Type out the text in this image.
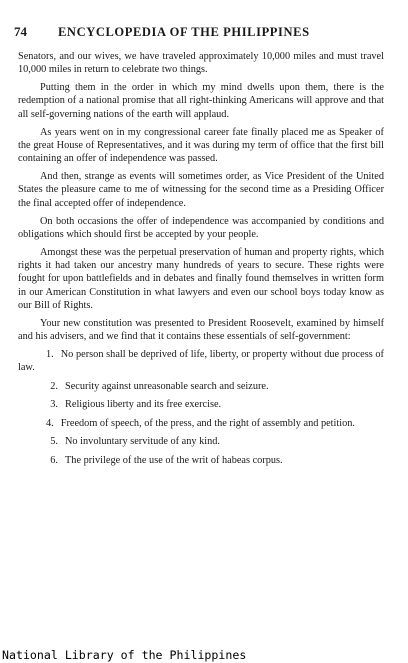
74	ENCYCLOPEDIA OF THE PHILIPPINES

Senators, and our wives, we have traveled approximately 10,000 miles and must travel 10,000 miles in return to celebrate two things.

Putting them in the order in which my mind dwells upon them, there is the redemption of a national promise that all right-thinking Americans will approve and that all self-governing nations of the earth will applaud.

As years went on in my congressional career fate finally placed me as Speaker of the great House of Representatives, and it was during my term of office that the first bill containing an offer of independence was passed.

And then, strange as events will sometimes order, as Vice President of the United States the pleasure came to me of witnessing for the second time as a Presiding Officer the final accepted offer of independence.

On both occasions the offer of independence was accompanied by conditions and obligations which should first be accepted by your people.

Amongst these was the perpetual preservation of human and property rights, which rights it had taken our ancestry many hundreds of years to secure. These rights were fought for upon battlefields and in debates and finally found themselves in written form in our American Constitution in what lawyers and even our school boys today know as our Bill of Rights.

Your new constitution was presented to President Roosevelt, examined by himself and his advisers, and we find that it contains these essentials of self-government:

1. No person shall be deprived of life, liberty, or property without due process of law.
2. Security against unreasonable search and seizure.
3. Religious liberty and its free exercise.
4. Freedom of speech, of the press, and the right of assembly and petition.
5. No involuntary servitude of any kind.
6. The privilege of the use of the writ of habeas corpus.
National Library of the Philippines
